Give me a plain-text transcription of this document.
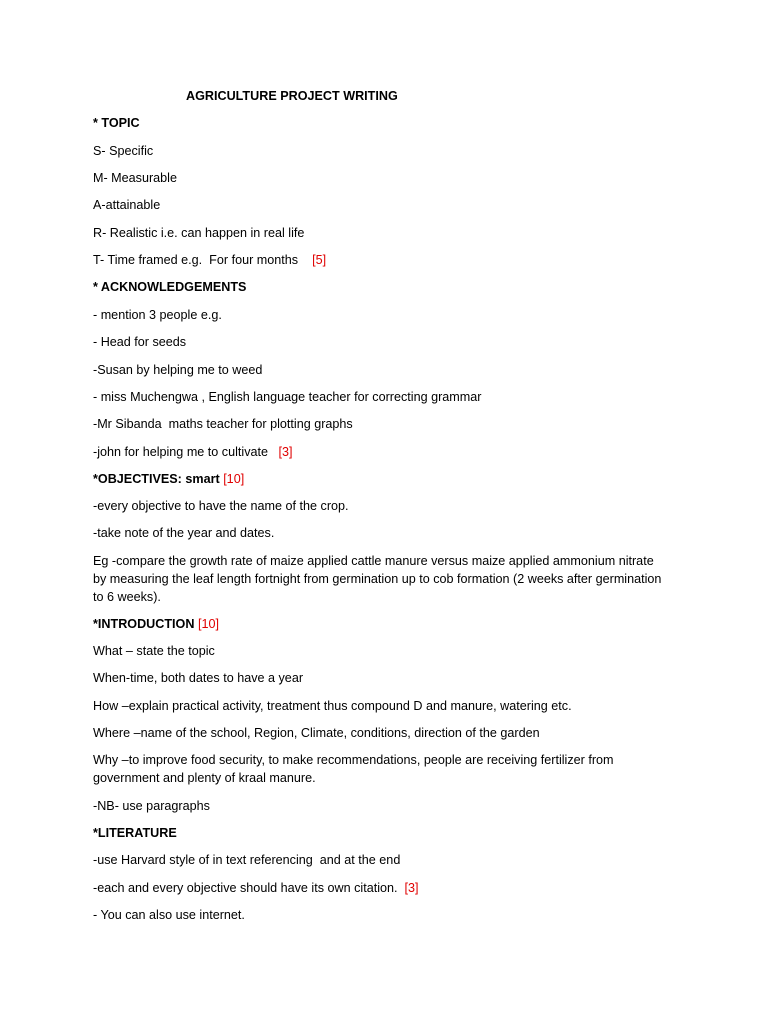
AGRICULTURE PROJECT WRITING
* TOPIC
S- Specific
M- Measurable
A-attainable
R- Realistic i.e. can happen in real life
T- Time framed e.g.  For four months [5]
* ACKNOWLEDGEMENTS
- mention 3 people e.g.
- Head for seeds
-Susan by helping me to weed
- miss Muchengwa , English language teacher for correcting grammar
-Mr Sibanda  maths teacher for plotting graphs
-john for helping me to cultivate [3]
*OBJECTIVES: smart [10]
-every objective to have the name of the crop.
-take note of the year and dates.
Eg -compare the growth rate of maize applied cattle manure versus maize applied ammonium nitrate by measuring the leaf length fortnight from germination up to cob formation (2 weeks after germination to 6 weeks).
*INTRODUCTION [10]
What – state the topic
When-time, both dates to have a year
How –explain practical activity, treatment thus compound D and manure, watering etc.
Where –name of the school, Region, Climate, conditions, direction of the garden
Why –to improve food security, to make recommendations, people are receiving fertilizer from government and plenty of kraal manure.
-NB- use paragraphs
*LITERATURE
-use Harvard style of in text referencing  and at the end
-each and every objective should have its own citation. [3]
- You can also use internet.
